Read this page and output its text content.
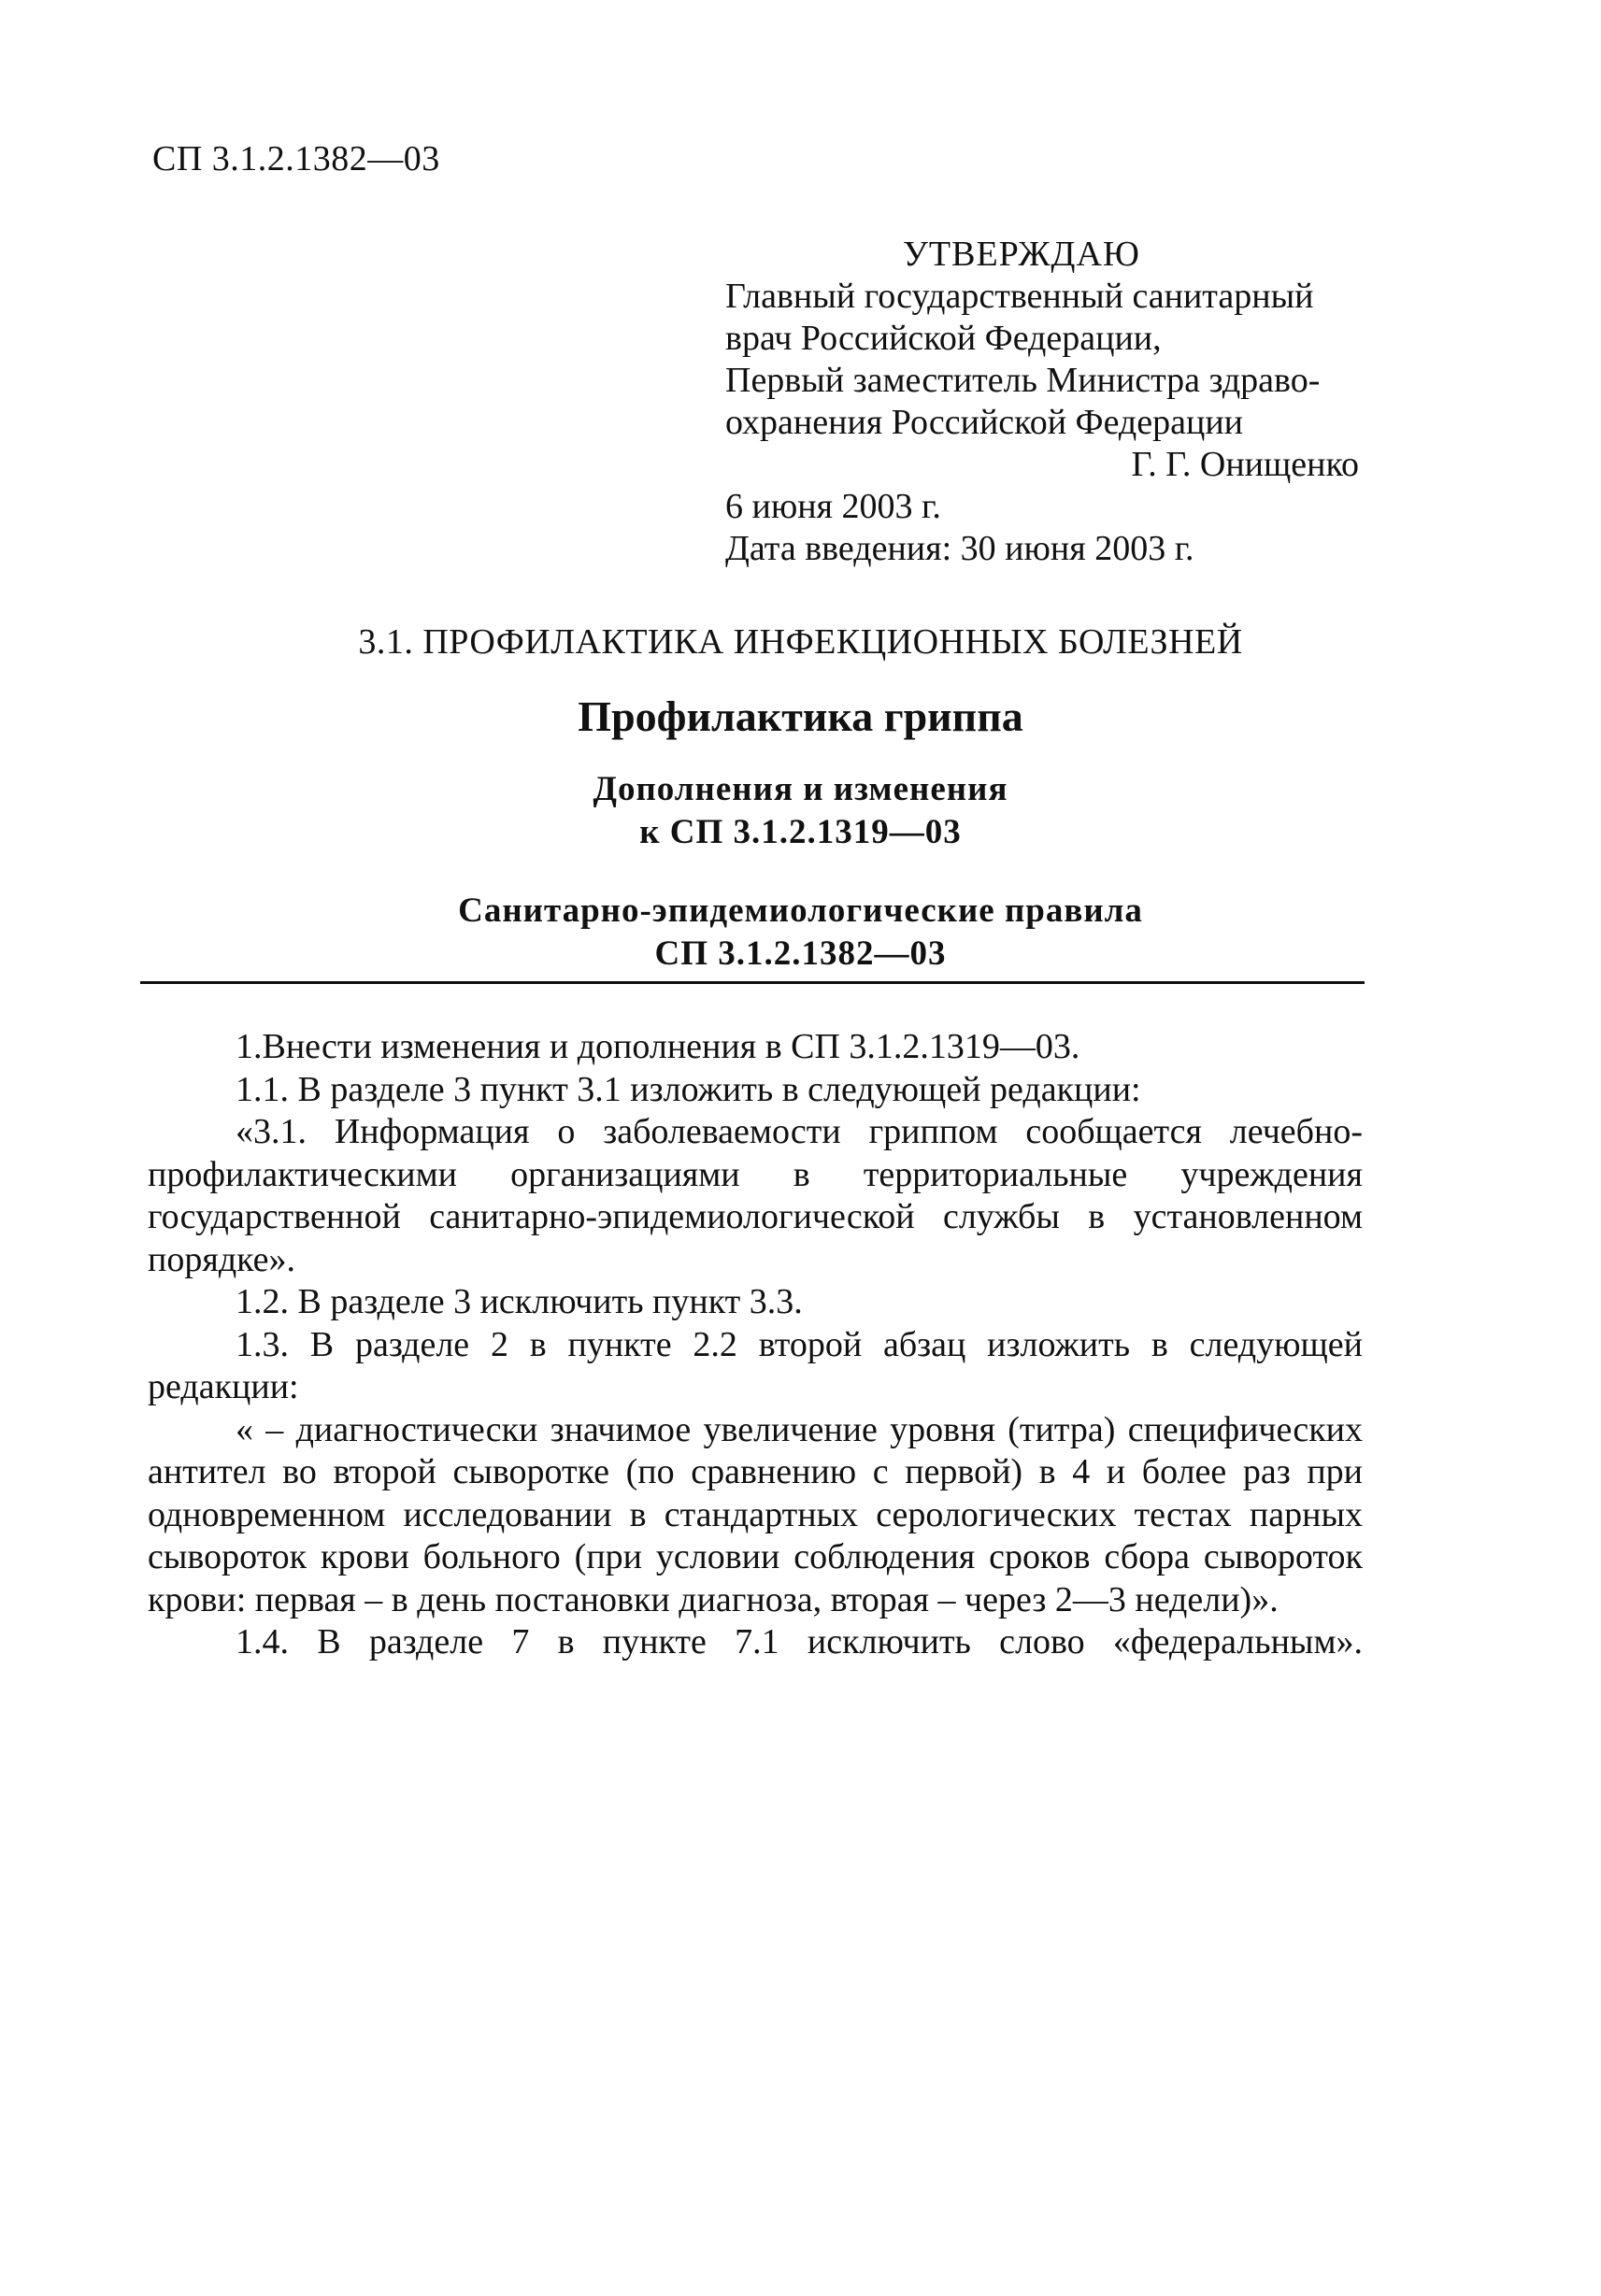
СП 3.1.2.1382—03
УТВЕРЖДАЮ
Главный государственный санитарный
врач Российской Федерации,
Первый заместитель Министра здраво-
охранения Российской Федерации
Г. Г. Онищенко
6 июня 2003 г.
Дата введения: 30 июня 2003 г.
3.1. ПРОФИЛАКТИКА ИНФЕКЦИОННЫХ БОЛЕЗНЕЙ
Профилактика гриппа
Дополнения и изменения
к СП 3.1.2.1319—03
Санитарно-эпидемиологические правила
СП 3.1.2.1382—03

1.Внести изменения и дополнения в СП 3.1.2.1319—03.

1.1. В разделе 3 пункт 3.1 изложить в следующей редакции:

«3.1. Информация о заболеваемости гриппом сообщается лечебно-профилактическими организациями в территориальные учреждения государственной санитарно-эпидемиологической службы в установленном порядке».

1.2. В разделе 3 исключить пункт 3.3.

1.3. В разделе 2 в пункте 2.2 второй абзац изложить в следующей редакции:

« – диагностически значимое увеличение уровня (титра) специфических антител во второй сыворотке (по сравнению с первой) в 4 и более раз при одновременном исследовании в стандартных серологических тестах парных сывороток крови больного (при условии соблюдения сроков сбора сывороток крови: первая – в день постановки диагноза, вторая – через 2—3 недели)».

1.4. В разделе 7 в пункте 7.1 исключить слово «федеральным».
